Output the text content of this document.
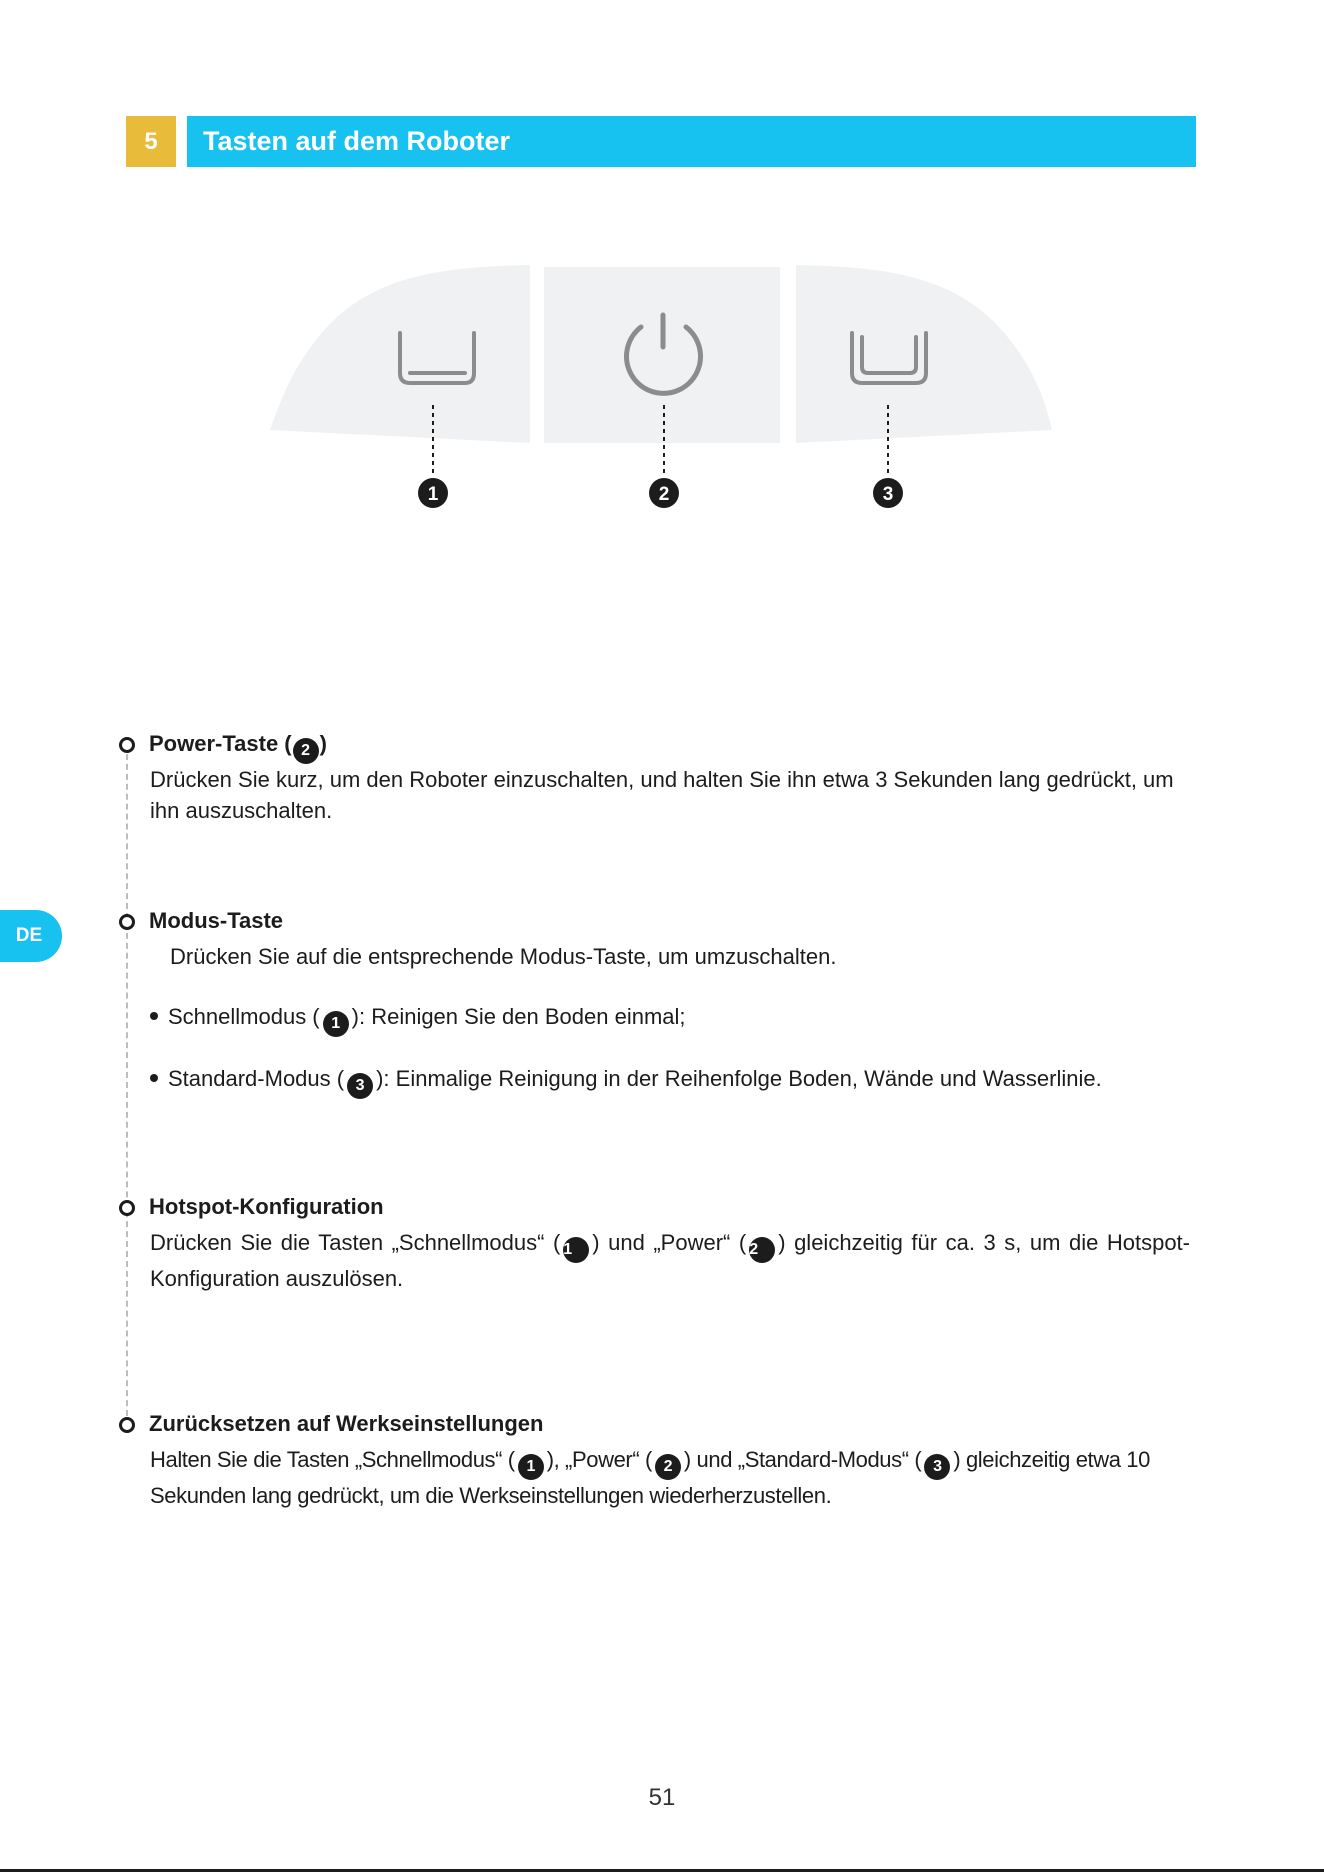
5	Tasten auf dem Roboter
1	2	3
DE
Power-Taste ( 2 )
Drücken Sie kurz, um den Roboter einzuschalten, und halten Sie ihn etwa 3 Sekunden lang gedrückt, um ihn auszuschalten.
Modus-Taste
Drücken Sie auf die entsprechende Modus-Taste, um umzuschalten.
Schnellmodus ( 1 ): Reinigen Sie den Boden einmal;
Standard-Modus ( 3 ): Einmalige Reinigung in der Reihenfolge Boden, Wände und Wasserlinie.
Hotspot-Konfiguration
Drücken Sie die Tasten „Schnellmodus“ ( 1 ) und „Power“ ( 2 ) gleichzeitig für ca. 3 s, um die Hotspot-Konfiguration auszulösen.
Zurücksetzen auf Werkseinstellungen
Halten Sie die Tasten „Schnellmodus“ ( 1 ), „Power“ ( 2 ) und „Standard-Modus“ ( 3 ) gleichzeitig etwa 10 Sekunden lang gedrückt, um die Werkseinstellungen wiederherzustellen.
51
